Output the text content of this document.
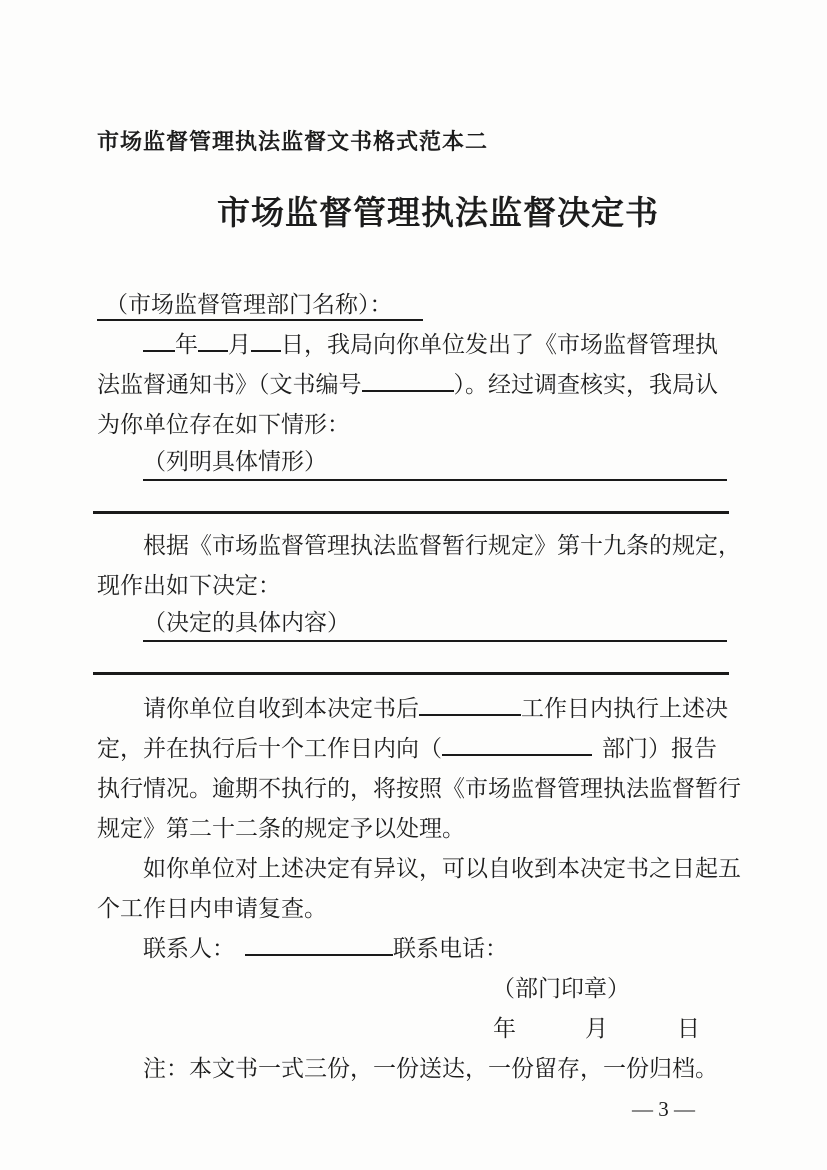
市场监督管理执法监督文书格式范本二
市场监督管理执法监督决定书
（市场监督管理部门名称）：
年 月 日，我局向你单位发出了《市场监督管理执
法监督通知书》（文书编号	）。经过调查核实，我局认
为你单位存在如下情形：
（列明具体情形）
根据《市场监督管理执法监督暂行规定》第十九条的规定，
现作出如下决定：
（决定的具体内容）
请你单位自收到本决定书后	工作日内执行上述决
定，并在执行后十个工作日内向（	部门）报告
执行情况。逾期不执行的，将按照《市场监督管理执法监督暂行
规定》第二十二条的规定予以处理。
如你单位对上述决定有异议，可以自收到本决定书之日起五
个工作日内申请复查。
联系人：	联系电话：
（部门印章）
年　　　月　　　日
注：本文书一式三份，一份送达，一份留存，一份归档。
— 3 —
